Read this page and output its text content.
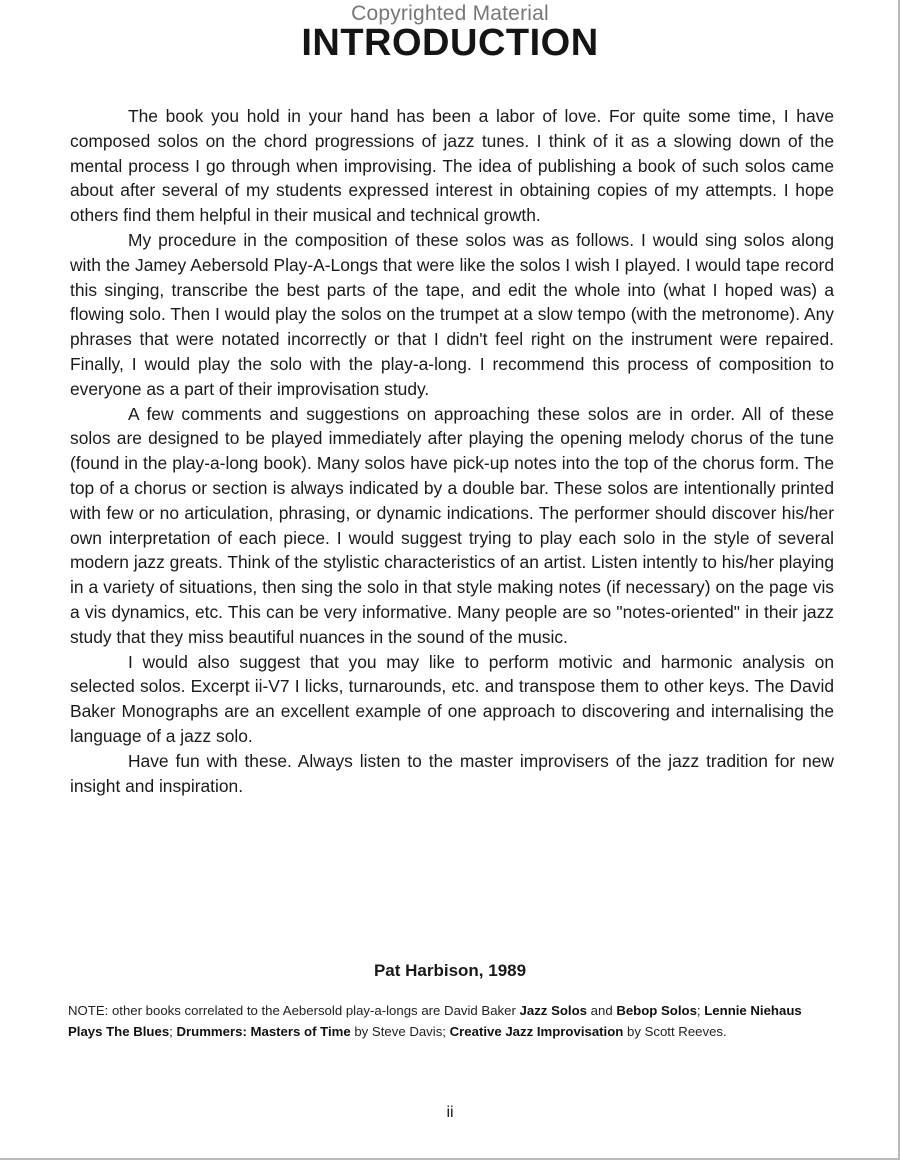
Copyrighted Material
INTRODUCTION

The book you hold in your hand has been a labor of love. For quite some time, I have composed solos on the chord progressions of jazz tunes. I think of it as a slowing down of the mental process I go through when improvising. The idea of publishing a book of such solos came about after several of my students expressed interest in obtaining copies of my attempts. I hope others find them helpful in their musical and technical growth.

My procedure in the composition of these solos was as follows. I would sing solos along with the Jamey Aebersold Play-A-Longs that were like the solos I wish I played. I would tape record this singing, transcribe the best parts of the tape, and edit the whole into (what I hoped was) a flowing solo. Then I would play the solos on the trumpet at a slow tempo (with the metronome). Any phrases that were notated incorrectly or that I didn't feel right on the instrument were repaired. Finally, I would play the solo with the play-a-long. I recommend this process of composition to everyone as a part of their improvisation study.

A few comments and suggestions on approaching these solos are in order. All of these solos are designed to be played immediately after playing the opening melody chorus of the tune (found in the play-a-long book). Many solos have pick-up notes into the top of the chorus form. The top of a chorus or section is always indicated by a double bar. These solos are intentionally printed with few or no articulation, phrasing, or dynamic indications. The performer should discover his/her own interpretation of each piece. I would suggest trying to play each solo in the style of several modern jazz greats. Think of the stylistic characteristics of an artist. Listen intently to his/her playing in a variety of situations, then sing the solo in that style making notes (if necessary) on the page vis a vis dynamics, etc. This can be very informative. Many people are so "notes-oriented" in their jazz study that they miss beautiful nuances in the sound of the music.

I would also suggest that you may like to perform motivic and harmonic analysis on selected solos. Excerpt ii-V7 I licks, turnarounds, etc. and transpose them to other keys. The David Baker Monographs are an excellent example of one approach to discovering and internalising the language of a jazz solo.

Have fun with these. Always listen to the master improvisers of the jazz tradition for new insight and inspiration.

Pat Harbison, 1989
NOTE: other books correlated to the Aebersold play-a-longs are David Baker Jazz Solos and Bebop Solos; Lennie Niehaus Plays The Blues; Drummers: Masters of Time by Steve Davis; Creative Jazz Improvisation by Scott Reeves.
ii
